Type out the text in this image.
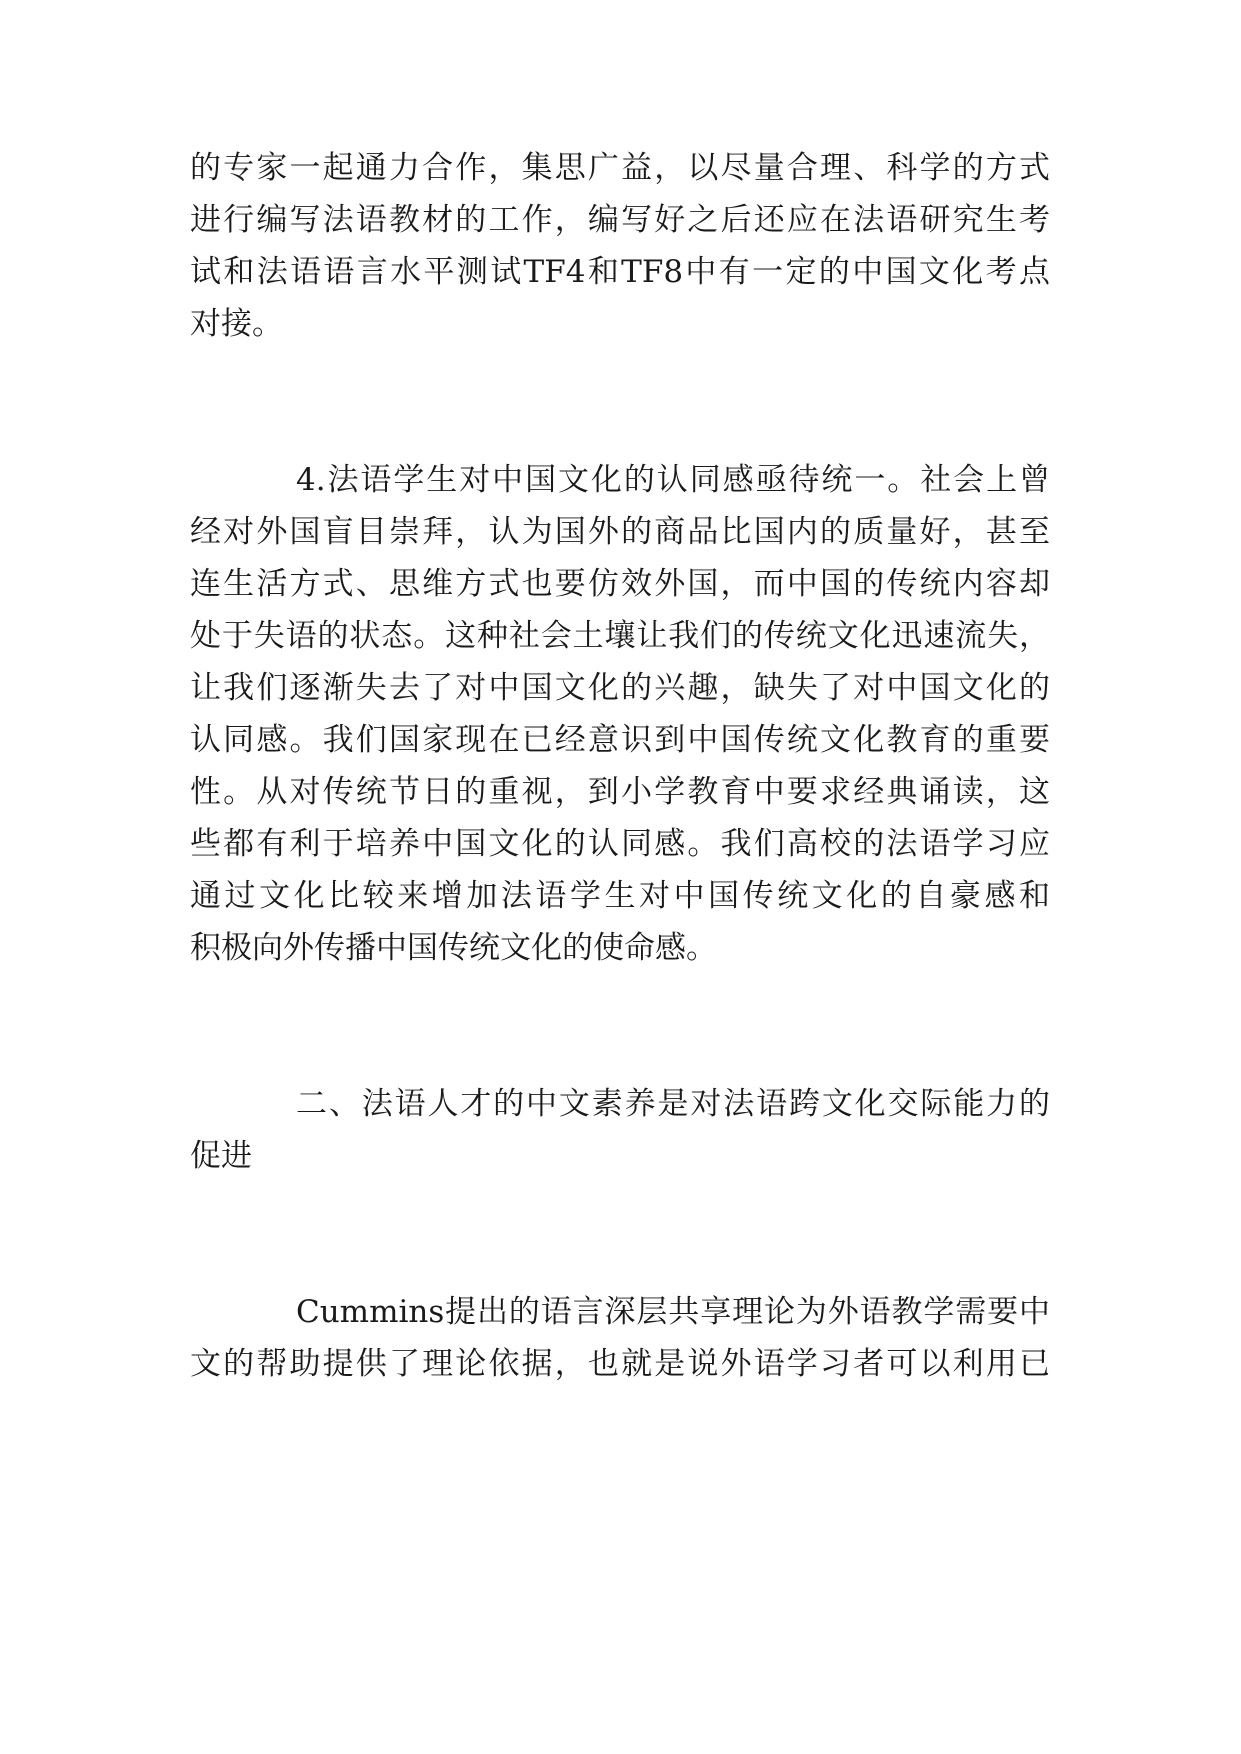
的专家一起通力合作，集思广益，以尽量合理、科学的方式
进行编写法语教材的工作，编写好之后还应在法语研究生考
试和法语语言水平测试TF4和TF8中有一定的中国文化考点
对接。
4.法语学生对中国文化的认同感亟待统一。社会上曾
经对外国盲目崇拜，认为国外的商品比国内的质量好，甚至
连生活方式、思维方式也要仿效外国，而中国的传统内容却
处于失语的状态。这种社会土壤让我们的传统文化迅速流失，
让我们逐渐失去了对中国文化的兴趣，缺失了对中国文化的
认同感。我们国家现在已经意识到中国传统文化教育的重要
性。从对传统节日的重视，到小学教育中要求经典诵读，这
些都有利于培养中国文化的认同感。我们高校的法语学习应
通过文化比较来增加法语学生对中国传统文化的自豪感和
积极向外传播中国传统文化的使命感。
二、法语人才的中文素养是对法语跨文化交际能力的
促进
Cummins提出的语言深层共享理论为外语教学需要中
文的帮助提供了理论依据，也就是说外语学习者可以利用已
